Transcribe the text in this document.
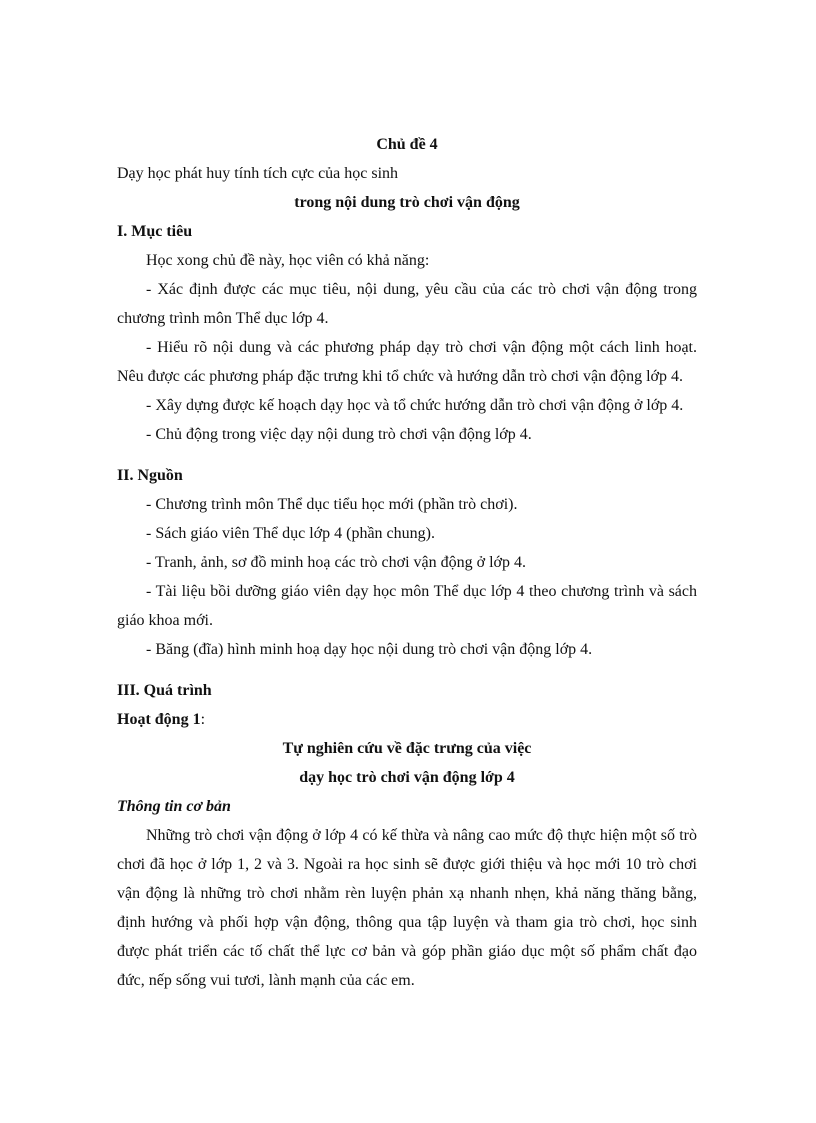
Chủ đề 4

Dạy học phát huy tính tích cực của học sinh

trong nội dung trò chơi vận động

I. Mục tiêu

Học xong chủ đề này, học viên có khả năng:

- Xác định được các mục tiêu, nội dung, yêu cầu của các trò chơi vận động trong chương trình môn Thể dục lớp 4.

- Hiểu rõ nội dung và các phương pháp dạy trò chơi vận động một cách linh hoạt. Nêu được các phương pháp đặc trưng khi tổ chức và hướng dẫn trò chơi vận động lớp 4.

- Xây dựng được kế hoạch dạy học và tổ chức hướng dẫn trò chơi vận động ở lớp 4.

- Chủ động trong việc dạy nội dung trò chơi vận động lớp 4.

II. Nguồn

- Chương trình môn Thể dục tiểu học mới (phần trò chơi).

- Sách giáo viên Thể dục lớp 4 (phần chung).

- Tranh, ảnh, sơ đồ minh hoạ các trò chơi vận động ở lớp 4.

- Tài liệu bồi dưỡng giáo viên dạy học môn Thể dục lớp 4 theo chương trình và sách giáo khoa mới.

- Băng (đĩa) hình minh hoạ dạy học nội dung trò chơi vận động lớp 4.

III. Quá trình

Hoạt động 1:

Tự nghiên cứu về đặc trưng của việc

dạy học trò chơi vận động lớp 4

Thông tin cơ bản

Những trò chơi vận động ở lớp 4 có kế thừa và nâng cao mức độ thực hiện một số trò chơi đã học ở lớp 1, 2 và 3. Ngoài ra học sinh sẽ được giới thiệu và học mới 10 trò chơi vận động là những trò chơi nhằm rèn luyện phản xạ nhanh nhẹn, khả năng thăng bằng, định hướng và phối hợp vận động, thông qua tập luyện và tham gia trò chơi, học sinh được phát triển các tố chất thể lực cơ bản và góp phần giáo dục một số phẩm chất đạo đức, nếp sống vui tươi, lành mạnh của các em.
